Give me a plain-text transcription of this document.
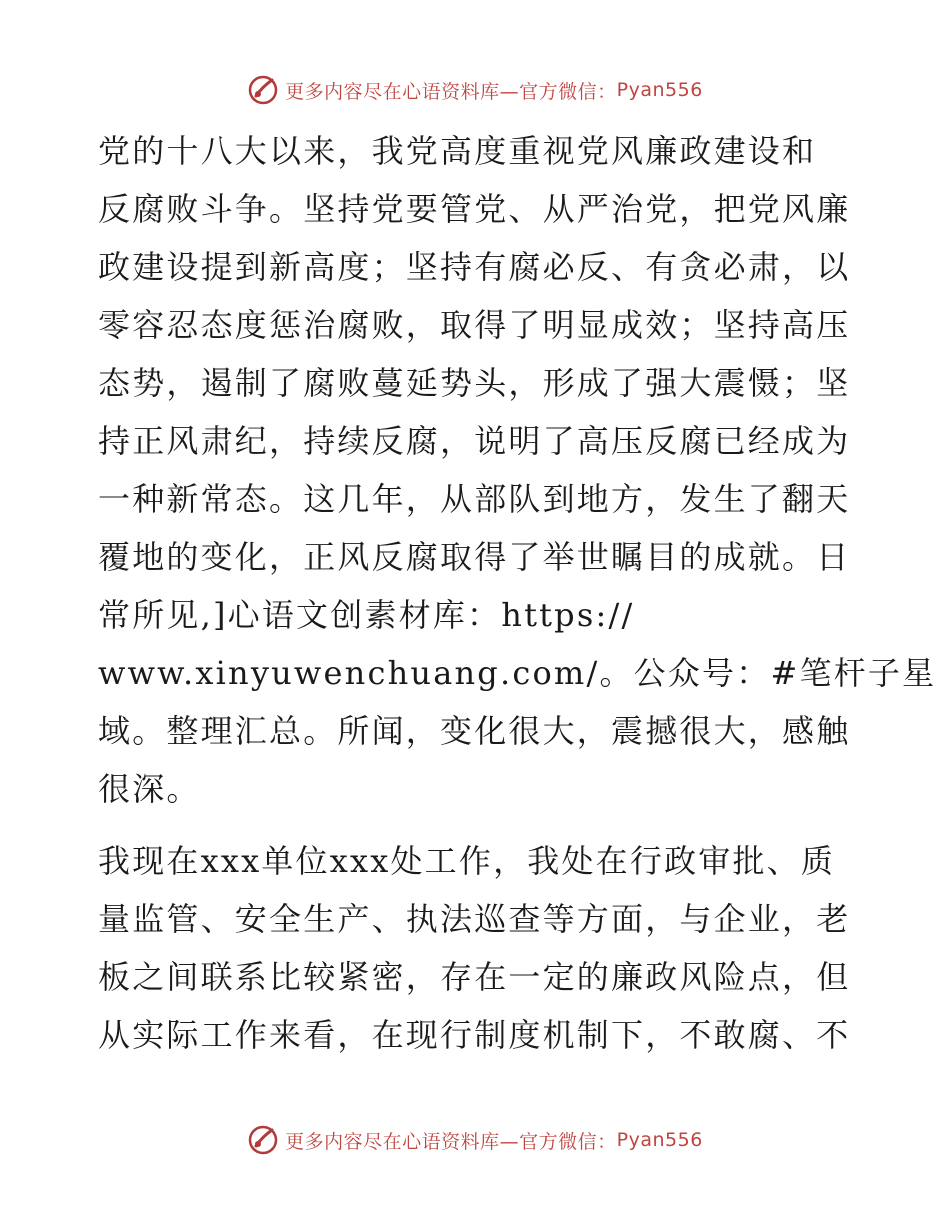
更多内容尽在心语资料库—官方微信： Pyan556

党的十八大以来，我党高度重视党风廉政建设和
反腐败斗争。坚持党要管党、从严治党，把党风廉
政建设提到新高度；坚持有腐必反、有贪必肃，以
零容忍态度惩治腐败，取得了明显成效；坚持高压
态势，遏制了腐败蔓延势头，形成了强大震慑；坚
持正风肃纪，持续反腐，说明了高压反腐已经成为
一种新常态。这几年，从部队到地方，发生了翻天
覆地的变化，正风反腐取得了举世瞩目的成就。日
常所见,]心语文创素材库：https://
www.xinyuwenchuang.com/。公众号：#笔杆子星
域。整理汇总。所闻，变化很大，震撼很大，感触
很深。

我现在xxx单位xxx处工作，我处在行政审批、质
量监管、安全生产、执法巡查等方面，与企业，老
板之间联系比较紧密，存在一定的廉政风险点，但
从实际工作来看，在现行制度机制下，不敢腐、不

更多内容尽在心语资料库—官方微信： Pyan556
